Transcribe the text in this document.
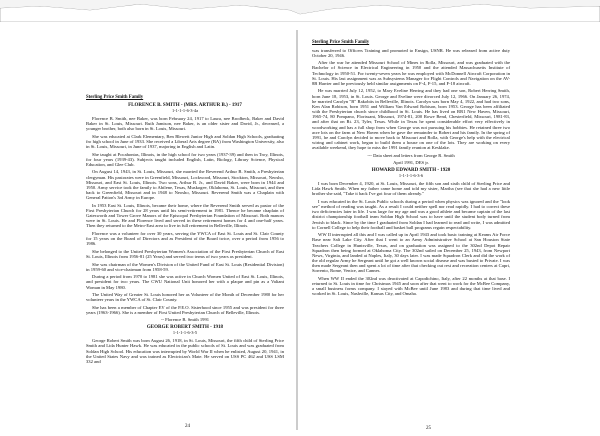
Sterling Price Smith Family
FLORENCE B. SMITH - (MRS. ARTHUR B.) - 1917
1-1-1-1-6-3-4a
Florence B. Smith, nee Baker, was born February 24, 1917 to Laura, nee Brodbeck, Baker and David Baker in St. Louis, Missouri. Ruth Jamison, nee Baker, is an older sister and David, Jr., deceased, a younger brother, both also born in St. Louis, Missouri.
She was educated at Clark Elementary, Ben Blewett Junior High and Soldan High Schools, graduating fro high school in June of 1933. She received a Liberal Arts degree (BA) from Washington University, also in St. Louis, Missouri, in June of 1937, majoring in English and Latin.
She taught at Pocahontas, Illinois, in the high school for two years (1937-39) and then in Troy, Illinois, for four years (1939-43). Subjects taught included English, Latin, Biology, Library Science, Physical Education, and Glee Club.
On August 14, 1943, in St. Louis, Missouri, she married the Reverend Arthur B. Smith, a Presbyterian clergyman. His pastorates were in Greenfield, Missouri, Lockwood, Missouri, Stockton, Missouri, Neosho, Missouri, and East St. Louis, Illinois. Two sons, Arthur B. Jr., and David Baker, were born in 1944 and 1950. Army service took the family to Abilene, Texas, Muskogee, Oklahoma, St. Louis, Missouri, and then back to Greenfield, Missouri and in 1948 to Neosho, Missouri. Reverend Smith was a Chaplain with General Patton's 3rd Army in Europe.
In 1953 East St. Louis, Illinois, became their home, where the Reverend Smith served as pastor of the First Presbyterian Church for 28 years until his semi-retirement in 1981. Thence he became chaplain of Gatesworth and Tower Grove Manors of the Episcopal Presbyterian Foundation of Missouri. Both manors were in St. Louis. He and Florence lived and served in these retirement homes for 4 and one-half years. Then they returned to the Metro-East area to live in full retirement in Belleville, Illinois.
Florence was a volunteer for over 30 years, serving the YWCA of East St. Louis and St. Clair County for 15 years on the Board of Directors and as President of the Board twice, over a period from 1956 to 1986.
She belonged to the United Presbyterian Women's Association of the First Presbyterian Church of East St. Louis, Illinois from 1956-81 (25 Years) and served two terms of two years as president.
She was chairman of the Women's Division of the United Fund of East St. Louis (Residential Division) in 1959-60 and vice-chairman from 1958-59.
During a period from 1970 to 1981 she was active in Church Women United of East St. Louis, Illinois, and president for two years. The CWU National Unit honored her with a plaque and pin as a Valiant Woman in May 1980.
The United Way of Greater St. Louis honored her as Volunteer of the Month of December 1980 for her volunteer years in the YWCA of St. Clair County.
She has been a member of Chapter EV of the P.E.O. Sisterhood since 1955 and was president for three years (1963-1966). She is a member of First United Presbyterian Church of Belleville, Illinois.
-- Florence B. Smith 1991
GEORGE ROBERT SMITH - 1918
1-1-1-1-6-3-5
George Robert Smith was born August 26, 1918, in St. Louis, Missouri, the fifth child of Sterling Price Smith and Lida Hunter Hawk. He was educated in the public schools of St. Louis and was graduated from Soldan High School. His education was interrupted by World War II when he enlisted, August 20, 1941, in the United States Navy and was trained as Electrician's Mate. He served on USS PC 462 and USS LSM 332 and
24
Sterling Price Smith Family
was transferred to Officers Training and promoted to Ensign, USNR. He was released from active duty October 20, 1946.
After the war he attended Missouri School of Mines in Rolla, Missouri, and was graduated with the Bachelor of Science in Electrical Engineering in 1950 and the attended Massachusetts Institute of Technology in 1950-51. For twenty-seven years he was employed with McDonnell Aircraft Corporation in St. Louis. His last assignment was as Subsystems Manager for Flight Controls and Navigation on the AV-8B Harrier and he previously held similar assignments on F-4, F-15, and F-18 aircraft.
He was married July 12, 1952, to Mary Eveline Herring and they had one son, Robert Herring Smith, born June 18, 1953, in St. Louis. George and Eveline were divorced July 12, 1966. On January 26, 1974, he married Carolyn "B" Rakobits in Belleville, Illinois. Carolyn was born May 4, 1922, and had two sons, Ken Alan Robison, born 1951 and William Van Edward Robison, born 1953. George has been affiliated with the Presbyterian church since childhood in St. Louis. He has lived on RR1 New Haven, Missouri, 1965-74, 80 Pompano, Florissant, Missouri, 1974-81, 200 Rowe Bend, Chesterfield, Missouri, 1981-83, and after that on Rt. 23, Tyler, Texas. While in Texas he spent considerable effort very effectively in woodworking and has a full shop from when George was not pursuing his hobbies. He retained three two acre lots on the farm at New Haven when he gave the remainder to Robert and his family. In the spring of 1991, he and Carolyn decided to move back to Missouri and Rolla, with George's help with the electrical wiring and cabinet work, began to build them a house on one of the lots. They are working on every available weekend, they hope to miss the 1991 family reunion at Kesklake.
--- Data sheet and letters from George R. Smith
April 1991, DES jr.
HOWARD EDWARD SMITH - 1920
1-1-1-1-6-3-6
I was born December 4, 1920, at St. Louis, Missouri, the fifth son and sixth child of Sterling Price and Lida Hawk Smith. When my father came home and told my sister, Martha (see that she had a new little brother she said, "Take it back I've got four of them already."
I was educated in the St. Louis Public schools during a period when physics was ignored and the "look see" method of reading was taught. As a result I could neither spell nor read rapidly. I had to correct these two deficiencies later in life. I was large for my age and was a good athlete and became captain of the last district championship football team Soldan High School was to have until the student body turned from Jewish to black. Since by the time I graduated from Soldan I had learned to read and write, I was admitted to Cornell College to help their football and basket ball programs regain respectability.
WW II interrupted all this and I was called up in April 1943 and took basic training at Keams Air Force Base near Salt Lake City. After that I went to an Army Administrative School at San Houston State Teachers College in Huntsville, Texas, and on graduation was assigned to the 302nd Depot Repair Squadron then being formed at Oklahoma City. The 302nd sailed on December 25, 1943, from Newport News, Virginia, and landed at Naples, Italy, 30 days later. I was made Squadron Clerk and did the work of the old regular Army he Sergeant until he got a well known social disease and was busted to Private. I was then made Sergeant then and spent a lot of time after that checking out rest and recreation centers at Capri, Sorrento, Rome, Venice, and Cannes.
When WW II ended the 302nd was deactivated at Capodichino, Italy, after 22 months at that base. I returned to St. Louis in time for Christmas 1945 and soon after that went to work for the McBee Company, a small business forms company. I stayed with McBee until June 1983 and during that time lived and worked in St. Louis, Nashville, Kansas City, and Omaha.
25
